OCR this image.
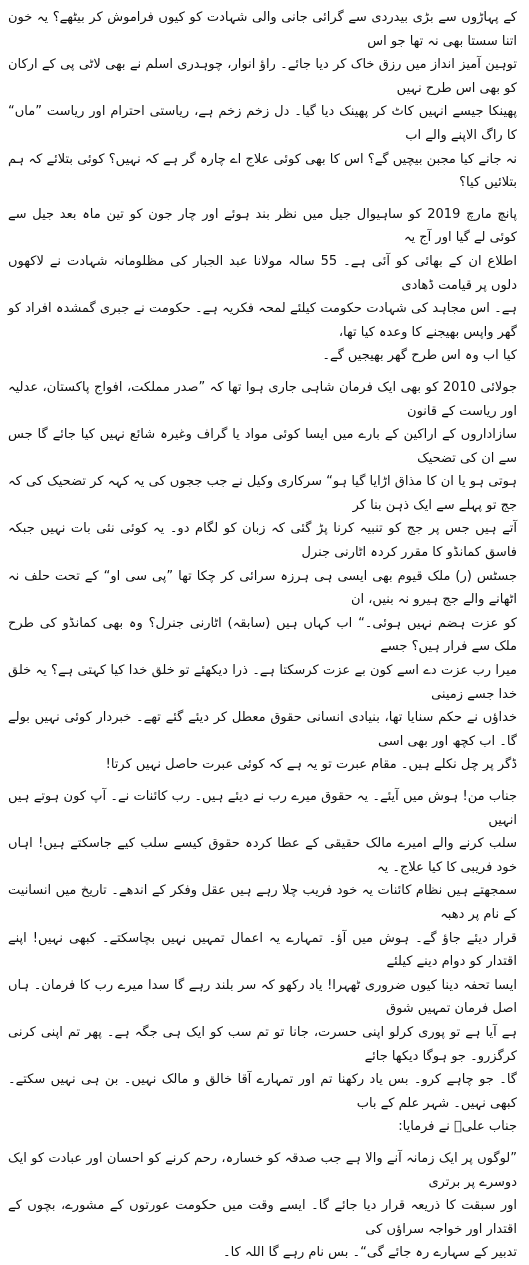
کے پہاڑوں سے بڑی بیدردی سے گرائی جانی والی شہادت کو کیوں فراموش کر بیٹھے؟ یہ خون اتنا سستا بھی نہ تھا جو اس
توہین آمیز انداز میں رزق خاک کر دیا جائے۔ راؤ انوار، چوہدری اسلم نے بھی لاٹی پی کے ارکان کو بھی اس طرح نہیں
پھینکا جیسے انہیں کاٹ کر پھینک دیا گیا۔ دل زخم زخم ہے، ریاستی احترام اور ریاست ”ماں“ کا راگ الاپنے والے اب
نہ جانے کیا مجبن بیچیں گے؟ اس کا بھی کوئی علاج اے چارہ گر ہے کہ نہیں؟ کوئی بتلائے کہ ہم بتلائیں کیا؟

پانچ مارچ 2019 کو ساہیوال جیل میں نظر بند ہوئے اور چار جون کو تین ماہ بعد جیل سے کوئی لے گیا اور آج یہ
اطلاع ان کے بھائی کو آئی ہے۔ 55 سالہ مولانا عبد الجبار کی مظلومانہ شہادت نے لاکھوں دلوں پر قیامت ڈھادی
ہے۔ اس مجاہد کی شہادت حکومت کیلئے لمحہ فکریہ ہے۔ حکومت نے جبری گمشدہ افراد کو گھر واپس بھیجنے کا وعدہ کیا تھا،
کیا اب وہ اس طرح گھر بھیجیں گے۔

جولائی 2010 کو بھی ایک فرمان شاہی جاری ہوا تھا کہ ”صدر مملکت، افواج پاکستان، عدلیہ اور ریاست کے قانون
سازاداروں کے اراکین کے بارے میں ایسا کوئی مواد یا گراف وغیرہ شائع نہیں کیا جائے گا جس سے ان کی تضحیک
ہوتی ہو یا ان کا مذاق اڑایا گیا ہو“ سرکاری وکیل نے جب ججوں کی یہ کہہ کر تضحیک کی کہ جج تو پہلے سے ایک ذہن بنا کر
آتے ہیں جس پر جج کو تنبیہ کرنا پڑ گئی کہ زبان کو لگام دو۔ یہ کوئی نئی بات نہیں جبکہ فاسق کمانڈو کا مقرر کردہ اٹارنی جنرل
جسٹس (ر) ملک قیوم بھی ایسی ہی ہرزہ سرائی کر چکا تھا ”پی سی او“ کے تحت حلف نہ اٹھانے والے جج ہیرو نہ بنیں، ان
کو عزت ہضم نہیں ہوئی۔“ اب کہاں ہیں (سابقہ) اٹارنی جنرل؟ وہ بھی کمانڈو کی طرح ملک سے فرار ہیں؟ جسے
میرا رب عزت دے اسے کون بے عزت کرسکتا ہے۔ ذرا دیکھئے تو خلق خدا کیا کہتی ہے؟ یہ خلق خدا جسے زمینی
خداؤں نے حکم سنایا تھا، بنیادی انسانی حقوق معطل کر دیئے گئے تھے۔ خبردار کوئی نہیں بولے گا۔ اب کچھ اور بھی اسی
ڈگر پر چل نکلے ہیں۔ مقام عبرت تو یہ ہے کہ کوئی عبرت حاصل نہیں کرتا!

جناب من! ہوش میں آیئے۔ یہ حقوق میرے رب نے دیئے ہیں۔ رب کائنات نے۔ آپ کون ہوتے ہیں انہیں
سلب کرنے والے امیرے مالک حقیقی کے عطا کردہ حقوق کیسے سلب کیے جاسکتے ہیں! اہاں خود فریبی کا کیا علاج۔ یہ
سمجھتے ہیں نظام کائنات یہ خود فریب چلا رہے ہیں عقل وفکر کے اندھے۔ تاریخ میں انسانیت کے نام پر دھبہ
قرار دیئے جاؤ گے۔ ہوش میں آؤ۔ تمہارے یہ اعمال تمہیں نہیں بچاسکتے۔ کبھی نہیں! اپنے اقتدار کو دوام دینے کیلئے
ایسا تحفہ دینا کیوں ضروری ٹھہرا! یاد رکھو کہ سر بلند رہے گا سدا میرے رب کا فرمان۔ ہاں اصل فرمان تمہیں شوق
ہے آیا ہے تو پوری کرلو اپنی حسرت، جانا تو تم سب کو ایک ہی جگہ ہے۔ پھر تم اپنی کرنی کرگزرو۔ جو ہوگا دیکھا جائے
گا۔ جو چاہے کرو۔ بس یاد رکھنا تم اور تمہارے آقا خالق و مالک نہیں۔ بن ہی نہیں سکتے۔ کبھی نہیں۔ شہر علم کے باب
جناب علیؓ نے فرمایا:

”لوگوں پر ایک زمانہ آنے والا ہے جب صدقہ کو خسارہ، رحم کرنے کو احسان اور عبادت کو ایک دوسرے پر برتری
اور سبقت کا ذریعہ قرار دیا جائے گا۔ ایسے وقت میں حکومت عورتوں کے مشورے، بچوں کے اقتدار اور خواجہ سراؤں کی
تدبیر کے سہارے رہ جائے گی“۔ بس نام رہے گا اللہ کا۔
